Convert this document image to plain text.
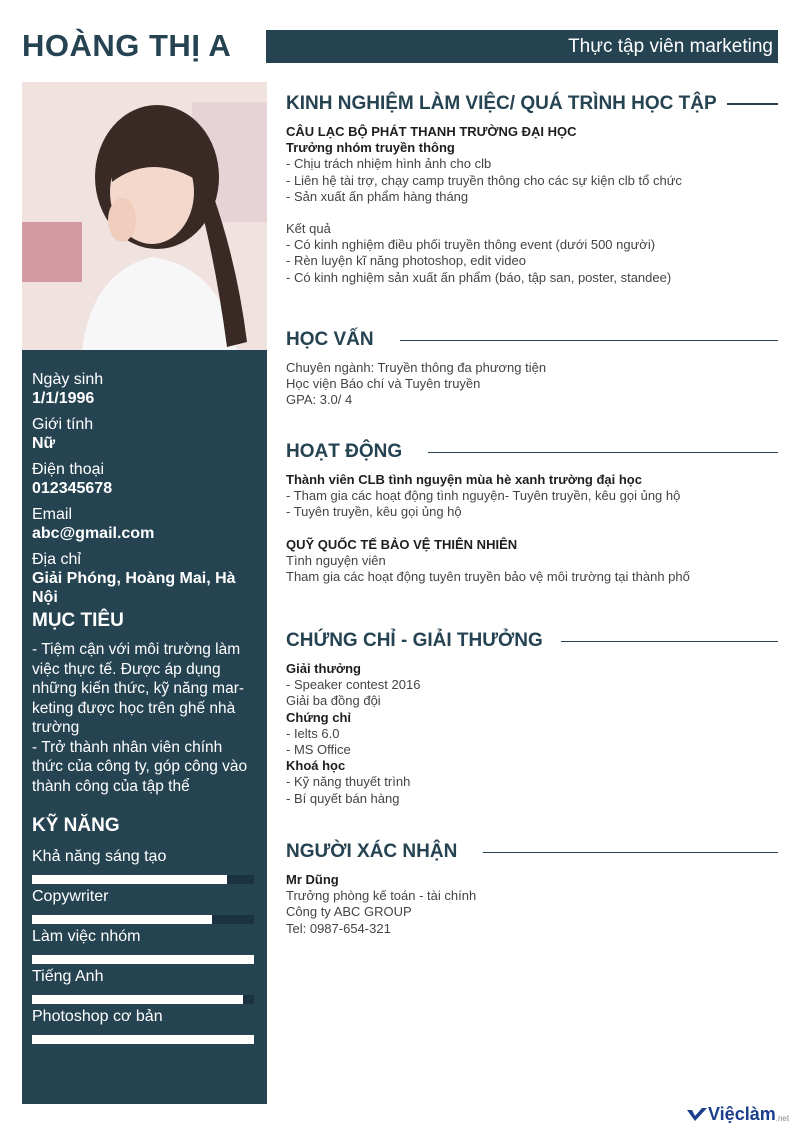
HOÀNG THỊ A	Thực tập viên marketing
Ngày sinh
1/1/1996
Giới tính
Nữ
Điện thoại
012345678
Email
abc@gmail.com
Địa chỉ
Giải Phóng, Hoàng Mai, Hà Nội
MỤC TIÊU
- Tiệm cận với môi trường làm
việc thực tế. Được áp dụng
những kiến thức, kỹ năng mar-
keting được học trên ghế nhà
trường
- Trở thành nhân viên chính
thức của công ty, góp công vào
thành công của tập thể
KỸ NĂNG
Khả năng sáng tạo
Copywriter
Làm việc nhóm
Tiếng Anh
Photoshop cơ bản
KINH NGHIỆM LÀM VIỆC/ QUÁ TRÌNH HỌC TẬP
CÂU LẠC BỘ PHÁT THANH TRƯỜNG ĐẠI HỌC
Trưởng nhóm truyền thông
- Chịu trách nhiệm hình ảnh cho clb
- Liên hệ tài trợ, chạy camp truyền thông cho các sự kiện clb tổ chức
- Sản xuất ấn phẩm hàng tháng
Kết quả
- Có kinh nghiệm điều phối truyền thông event (dưới 500 người)
- Rèn luyện kĩ năng photoshop, edit video
- Có kinh nghiệm sản xuất ấn phẩm (báo, tập san, poster, standee)
HỌC VẤN
Chuyên ngành: Truyền thông đa phương tiện
Học viện Báo chí và Tuyên truyền
GPA: 3.0/ 4
HOẠT ĐỘNG
Thành viên CLB tình nguyện mùa hè xanh trường đại học
- Tham gia các hoạt động tình nguyện- Tuyên truyền, kêu gọi ủng hộ
- Tuyên truyền, kêu gọi ủng hộ
QUỸ QUỐC TẾ BẢO VỆ THIÊN NHIÊN
Tình nguyện viên
Tham gia các hoạt động tuyên truyền bảo vệ môi trường tại thành phố
CHỨNG CHỈ - GIẢI THƯỞNG
Giải thưởng
- Speaker contest 2016
Giải ba đồng đội
Chứng chỉ
- Ielts 6.0
- MS Office
Khoá học
- Kỹ năng thuyết trình
- Bí quyết bán hàng
NGƯỜI XÁC NHẬN
Mr Dũng
Trưởng phòng kế toán - tài chính
Công ty ABC GROUP
Tel: 0987-654-321
Việclàm .net
